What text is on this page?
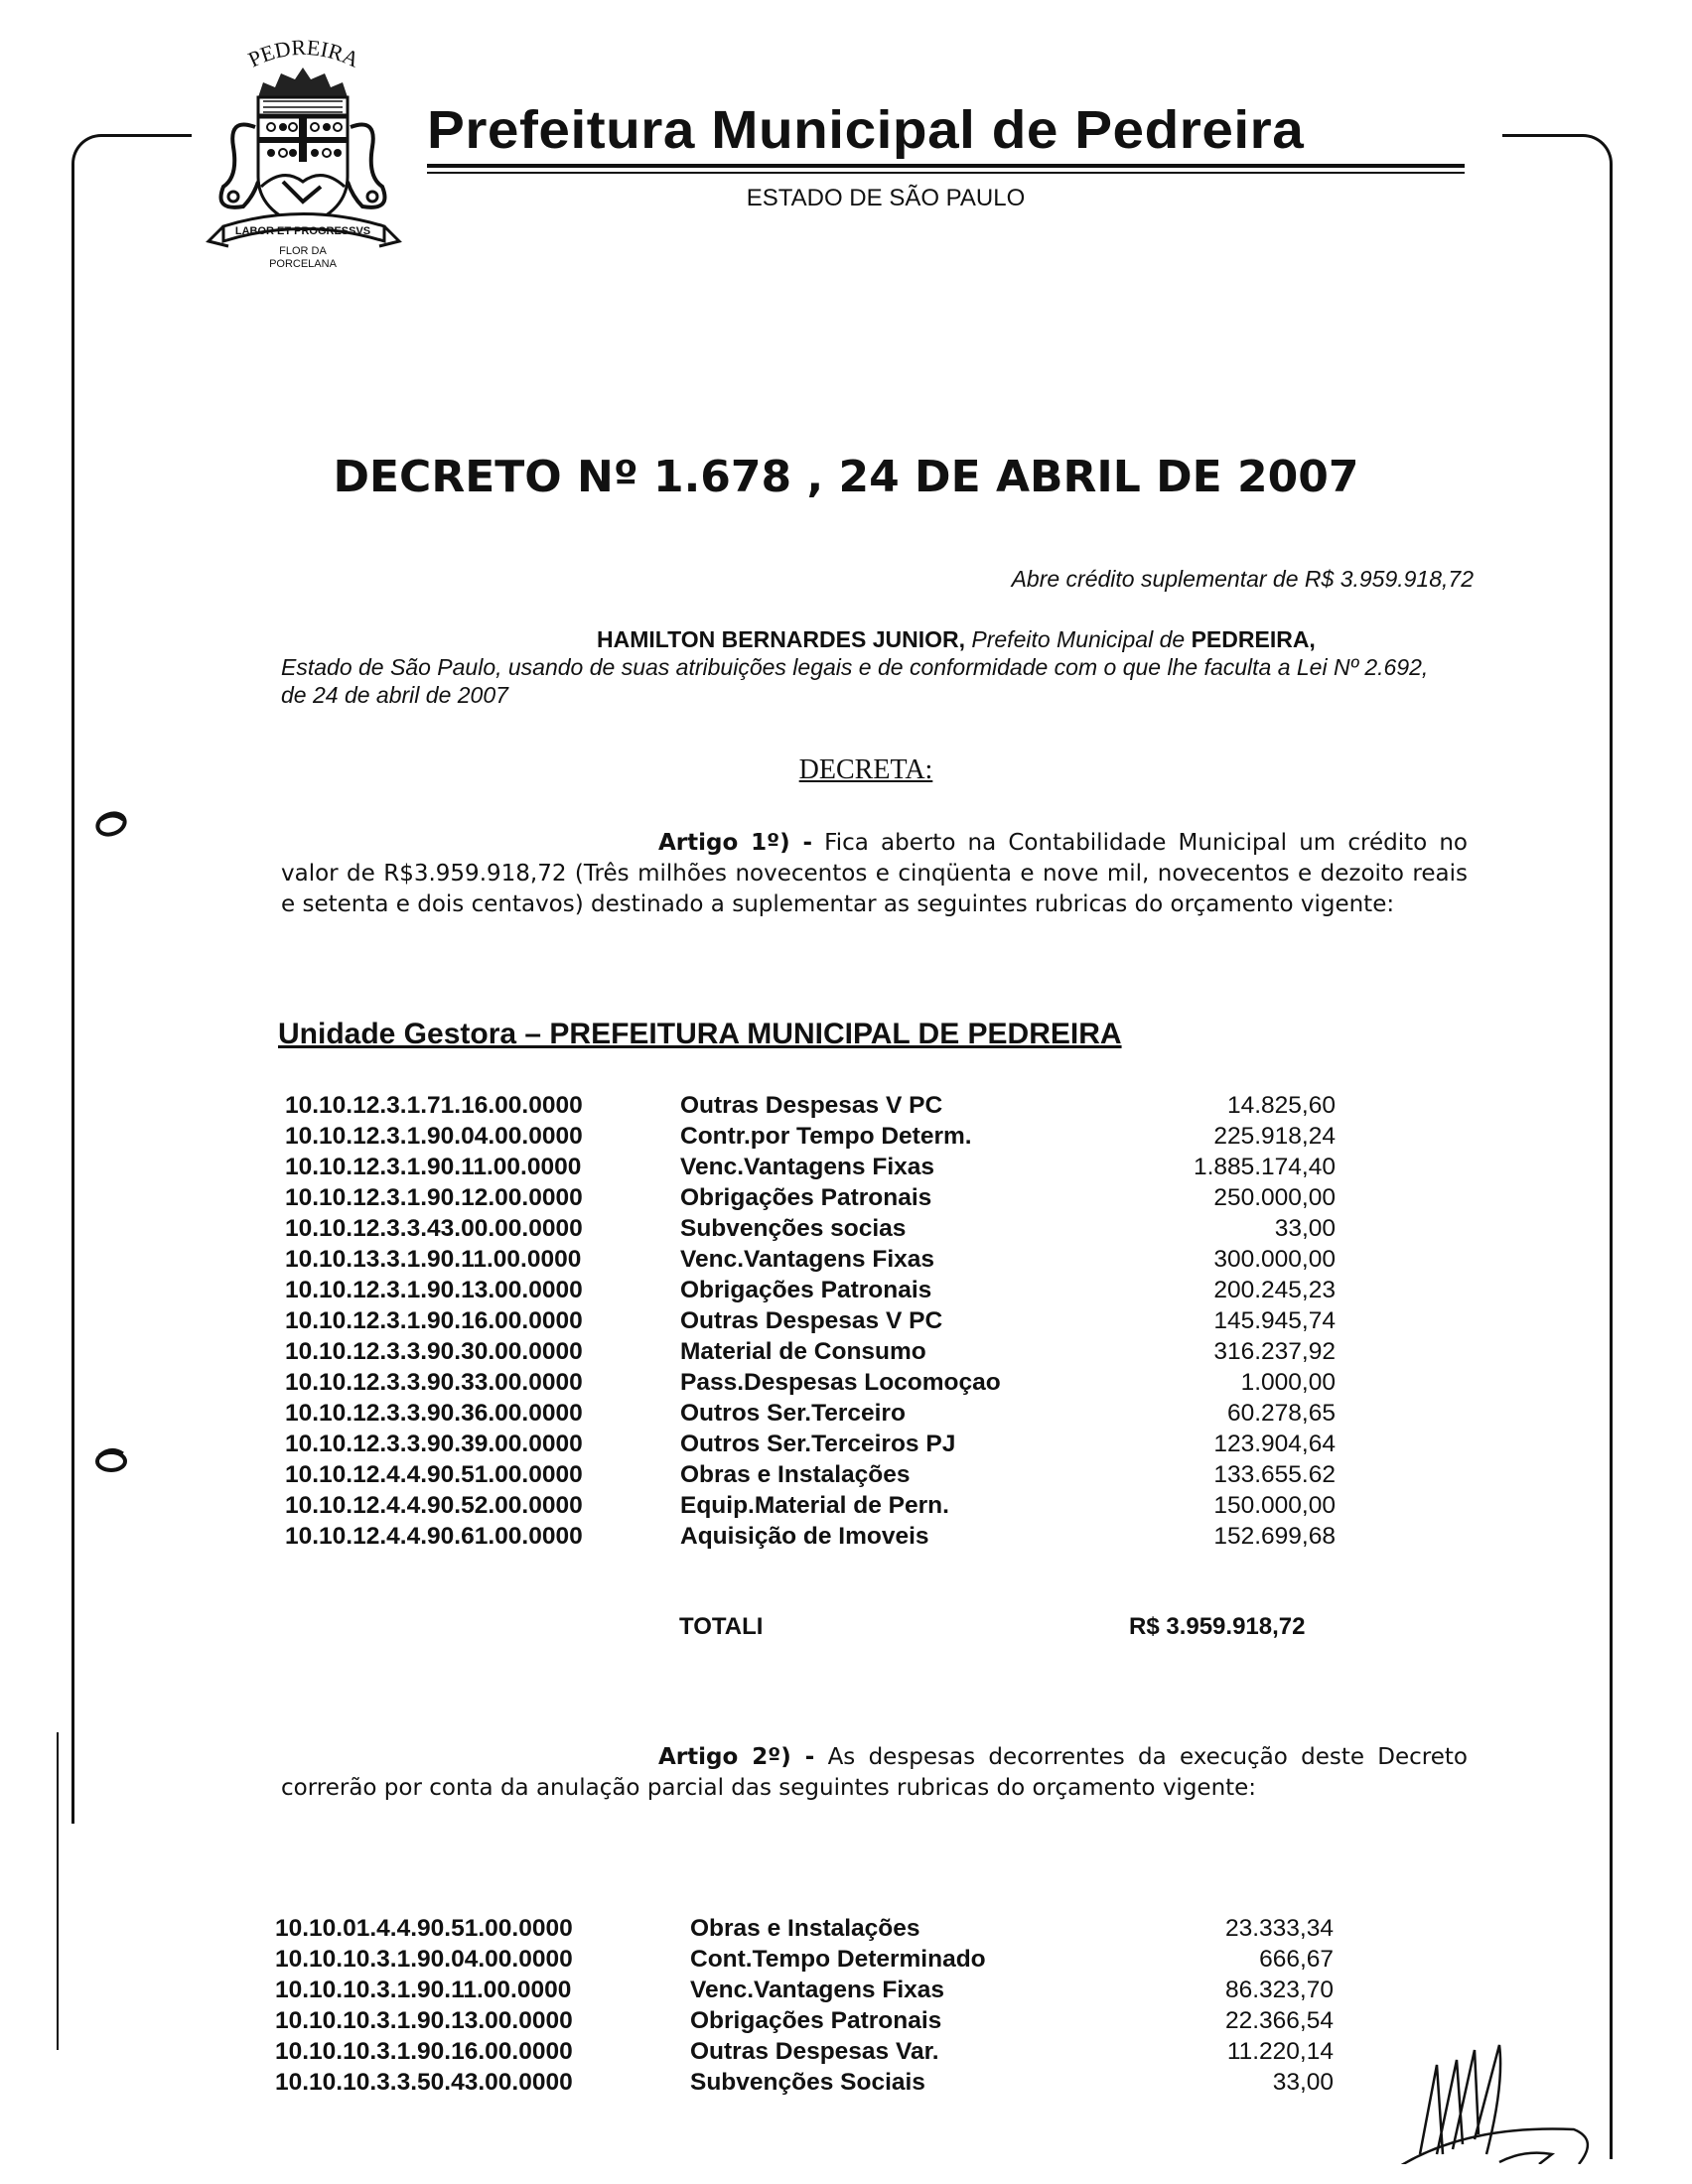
PEDREIRA
LABOR ET PROGRESSVS
FLOR DA
PORCELANA
Prefeitura Municipal de Pedreira
ESTADO DE SÃO PAULO
DECRETO Nº 1.678 , 24 DE ABRIL DE 2007
Abre crédito suplementar de R$ 3.959.918,72
HAMILTON BERNARDES JUNIOR, Prefeito Municipal de PEDREIRA,
Estado de São Paulo, usando de suas atribuições legais e de conformidade com o que lhe faculta a Lei Nº 2.692, de 24 de abril de 2007
DECRETA:
Artigo 1º) - Fica aberto na Contabilidade Municipal um crédito no valor de R$3.959.918,72 (Três milhões novecentos e cinqüenta e nove mil, novecentos e dezoito reais e setenta e dois centavos) destinado a suplementar as seguintes rubricas do orçamento vigente:
Unidade Gestora – PREFEITURA MUNICIPAL DE PEDREIRA
10.10.12.3.1.71.16.00.0000	Outras Despesas V PC	14.825,60
10.10.12.3.1.90.04.00.0000	Contr.por Tempo Determ.	225.918,24
10.10.12.3.1.90.11.00.0000	Venc.Vantagens Fixas	1.885.174,40
10.10.12.3.1.90.12.00.0000	Obrigações Patronais	250.000,00
10.10.12.3.3.43.00.00.0000	Subvenções socias	33,00
10.10.13.3.1.90.11.00.0000	Venc.Vantagens Fixas	300.000,00
10.10.12.3.1.90.13.00.0000	Obrigações Patronais	200.245,23
10.10.12.3.1.90.16.00.0000	Outras Despesas V PC	145.945,74
10.10.12.3.3.90.30.00.0000	Material de Consumo	316.237,92
10.10.12.3.3.90.33.00.0000	Pass.Despesas Locomoçao	1.000,00
10.10.12.3.3.90.36.00.0000	Outros Ser.Terceiro	60.278,65
10.10.12.3.3.90.39.00.0000	Outros Ser.Terceiros PJ	123.904,64
10.10.12.4.4.90.51.00.0000	Obras e Instalações	133.655.62
10.10.12.4.4.90.52.00.0000	Equip.Material de Pern.	150.000,00
10.10.12.4.4.90.61.00.0000	Aquisição de Imoveis	152.699,68
TOTALI	R$ 3.959.918,72
Artigo 2º) - As despesas decorrentes da execução deste Decreto correrão por conta da anulação parcial das seguintes rubricas do orçamento vigente:
10.10.01.4.4.90.51.00.0000	Obras e Instalações	23.333,34
10.10.10.3.1.90.04.00.0000	Cont.Tempo Determinado	666,67
10.10.10.3.1.90.11.00.0000	Venc.Vantagens Fixas	86.323,70
10.10.10.3.1.90.13.00.0000	Obrigações Patronais	22.366,54
10.10.10.3.1.90.16.00.0000	Outras Despesas Var.	11.220,14
10.10.10.3.3.50.43.00.0000	Subvenções Sociais	33,00
